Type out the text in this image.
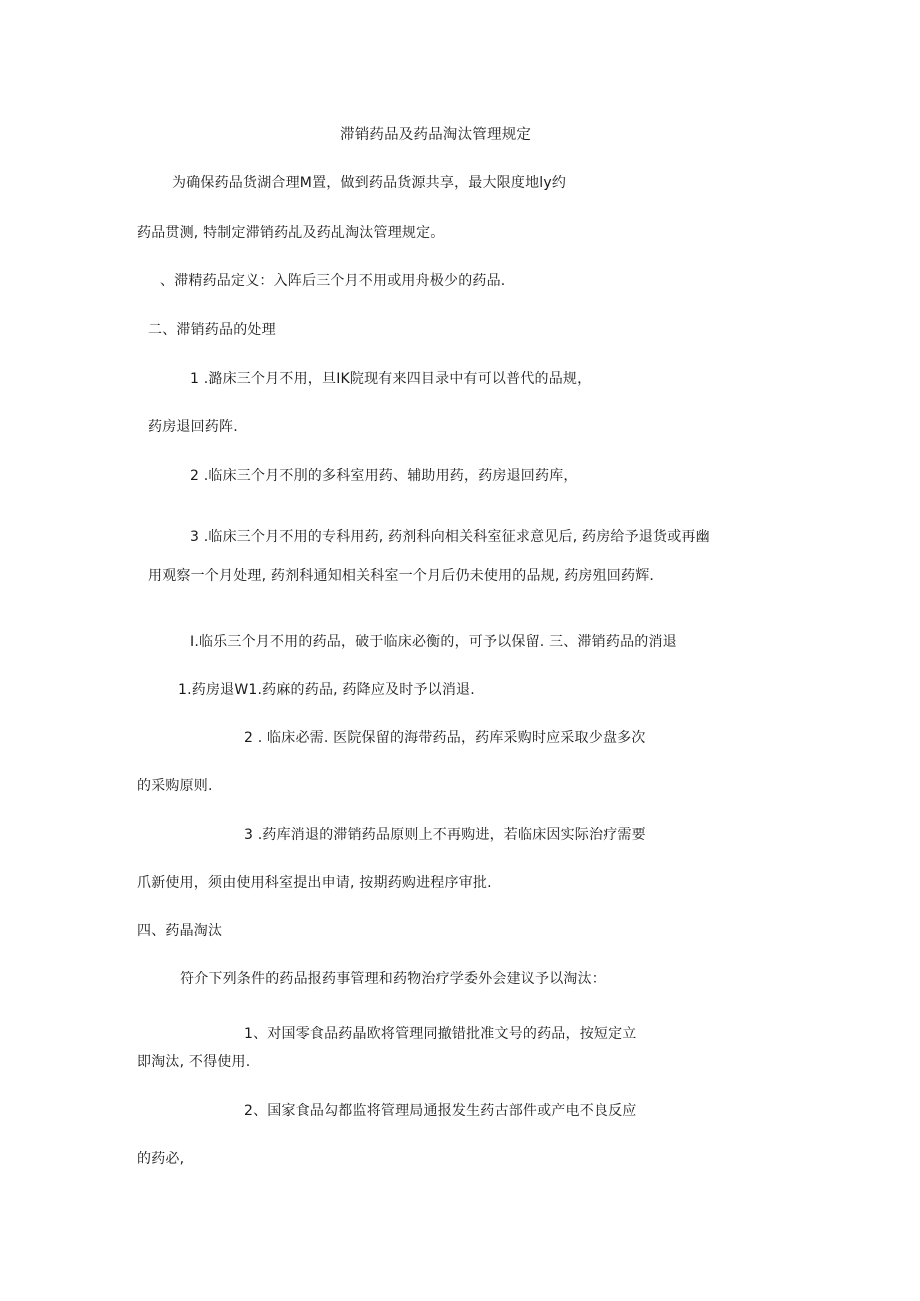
滞销药品及药品淘汰管理规定
为确保药品货湖合理M置，做到药品货源共享，最大限度地ly约
药品贯测, 特制定滞销药乩及药乩淘汰管理规定。
、滞精药品定义：入阵后三个月不用或用舟极少的药品.
二、滞销药品的处理
1 .潞床三个月不用，旦IK院现有来四目录中有可以普代的品规，
药房退回药阵.
2 .临床三个月不刖的多科室用药、辅助用药，药房退回药库，
3 .临床三个月不用的专科用药, 药剂科向相关科室征求意见后, 药房给予退货或再幽
用观察一个月处理, 药剂科通知相关科室一个月后仍未使用的品规, 药房殂回药辉.
I.临乐三个月不用的药品，破于临床必衡的，可予以保留. 三、滞销药品的消退
1.药房退W1.药麻的药品, 药降应及时予以消退.
2 . 临床必需. 医院保留的海带药品，药库采购时应采取少盘多次
的采购原则.
3 .药库消退的滞销药品原则上不再购进，若临床因实际治疗需要
爪新使用，须由使用科室提出申请, 按期药购进程序审批.
四、药晶淘汰
符介下列条件的药品报药事管理和药物治疗学委外会建议予以淘汰：
1、对国零食品药晶欧将管理同撤错批准文号的药品，按短定立
即淘汰, 不得使用.
2、国家食品勾都监将管理局通报发生药古部件或产电不良反应
的药必,
